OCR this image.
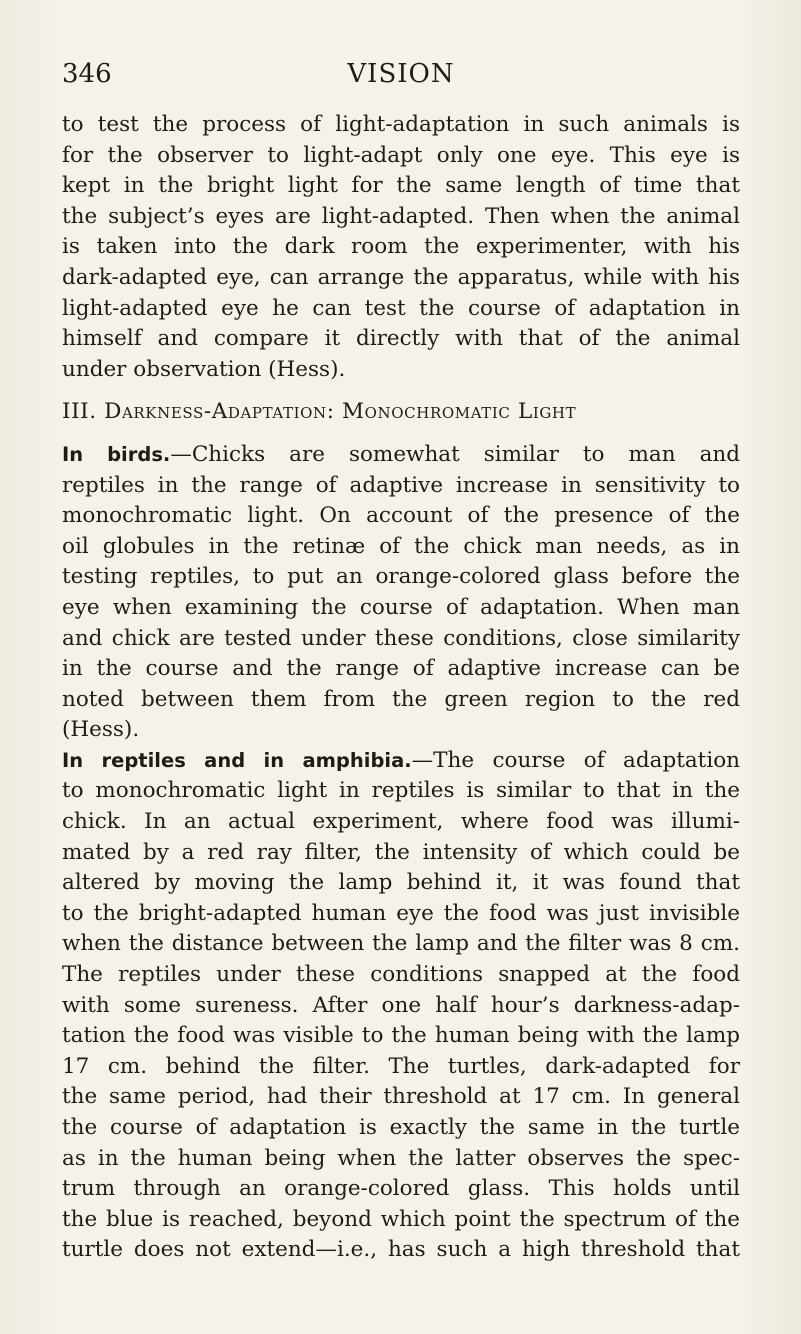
346	VISION
to test the process of light-adaptation in such animals is
for the observer to light-adapt only one eye. This eye is
kept in the bright light for the same length of time that
the subject’s eyes are light-adapted. Then when the animal
is taken into the dark room the experimenter, with his
dark-adapted eye, can arrange the apparatus, while with his
light-adapted eye he can test the course of adaptation in
himself and compare it directly with that of the animal
under observation (Hess).
III. Darkness-Adaptation: Monochromatic Light
In birds.—Chicks are somewhat similar to man and
reptiles in the range of adaptive increase in sensitivity to
monochromatic light. On account of the presence of the
oil globules in the retinæ of the chick man needs, as in
testing reptiles, to put an orange-colored glass before the
eye when examining the course of adaptation. When man
and chick are tested under these conditions, close similarity
in the course and the range of adaptive increase can be
noted between them from the green region to the red
(Hess).
In reptiles and in amphibia.—The course of adaptation
to monochromatic light in reptiles is similar to that in the
chick. In an actual experiment, where food was illumi-
mated by a red ray filter, the intensity of which could be
altered by moving the lamp behind it, it was found that
to the bright-adapted human eye the food was just invisible
when the distance between the lamp and the filter was 8 cm.
The reptiles under these conditions snapped at the food
with some sureness. After one half hour’s darkness-adap-
tation the food was visible to the human being with the lamp
17 cm. behind the filter. The turtles, dark-adapted for
the same period, had their threshold at 17 cm. In general
the course of adaptation is exactly the same in the turtle
as in the human being when the latter observes the spec-
trum through an orange-colored glass. This holds until
the blue is reached, beyond which point the spectrum of the
turtle does not extend—i.e., has such a high threshold that
